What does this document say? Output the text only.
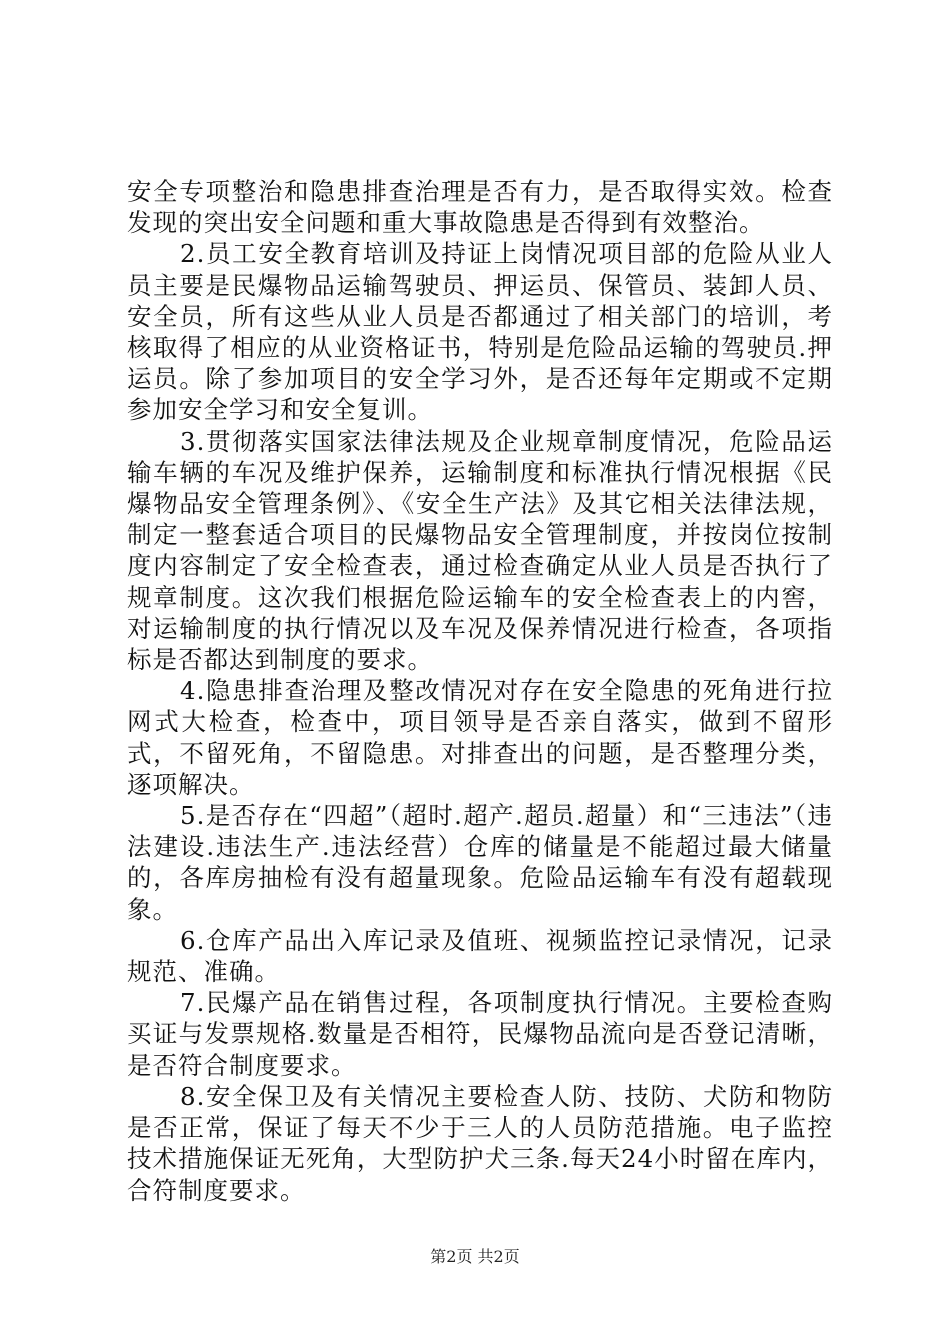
安全专项整治和隐患排查治理是否有力，是否取得实效。检查发现的突出安全问题和重大事故隐患是否得到有效整治。

2.员工安全教育培训及持证上岗情况项目部的危险从业人员主要是民爆物品运输驾驶员、押运员、保管员、装卸人员、安全员，所有这些从业人员是否都通过了相关部门的培训，考核取得了相应的从业资格证书，特别是危险品运输的驾驶员.押运员。除了参加项目的安全学习外，是否还每年定期或不定期参加安全学习和安全复训。

3.贯彻落实国家法律法规及企业规章制度情况，危险品运输车辆的车况及维护保养，运输制度和标准执行情况根据《民爆物品安全管理条例》、《安全生产法》及其它相关法律法规，制定一整套适合项目的民爆物品安全管理制度，并按岗位按制度内容制定了安全检查表，通过检查确定从业人员是否执行了规章制度。这次我们根据危险运输车的安全检查表上的内窖，对运输制度的执行情况以及车况及保养情况进行检查，各项指标是否都达到制度的要求。

4.隐患排查治理及整改情况对存在安全隐患的死角进行拉网式大检查，检查中，项目领导是否亲自落实，做到不留形式，不留死角，不留隐患。对排查出的问题，是否整理分类，逐项解决。

5.是否存在“四超”（超时.超产.超员.超量）和“三违法”（违法建设.违法生产.违法经营）仓库的储量是不能超过最大储量的，各库房抽检有没有超量现象。危险品运输车有没有超载现象。

6.仓库产品出入库记录及值班、视频监控记录情况，记录规范、准确。

7.民爆产品在销售过程，各项制度执行情况。主要检查购买证与发票规格.数量是否相符，民爆物品流向是否登记清晰，是否符合制度要求。

8.安全保卫及有关情况主要检查人防、技防、犬防和物防是否正常，保证了每天不少于三人的人员防范措施。电子监控技术措施保证无死角，大型防护犬三条.每天24小时留在库内，合符制度要求。

第2页 共2页
